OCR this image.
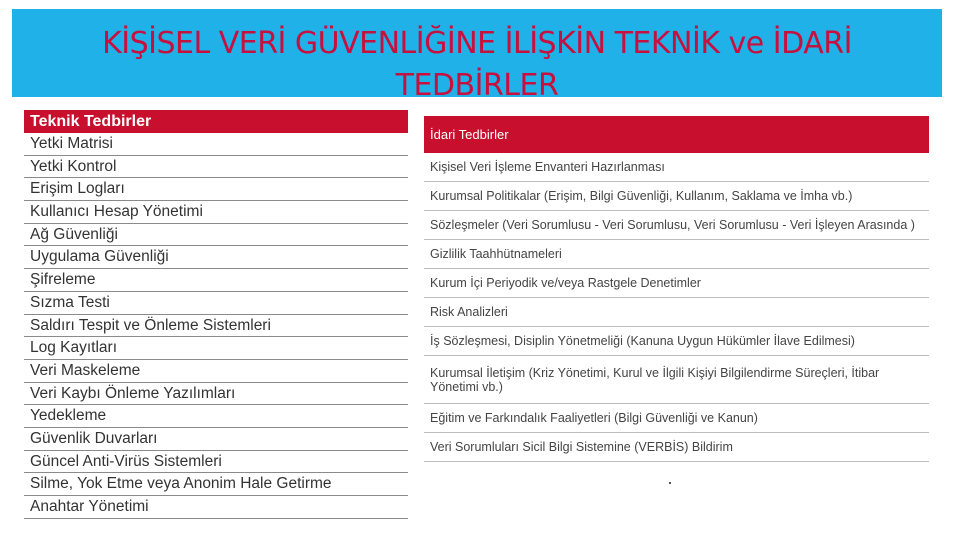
KİŞİSEL VERİ GÜVENLİĞİNE İLİŞKİN TEKNİK ve İDARİ
TEDBİRLER
Teknik Tedbirler
Yetki Matrisi
Yetki Kontrol
Erişim Logları
Kullanıcı Hesap Yönetimi
Ağ Güvenliği
Uygulama Güvenliği
Şifreleme
Sızma Testi
Saldırı Tespit ve Önleme Sistemleri
Log Kayıtları
Veri Maskeleme
Veri Kaybı Önleme Yazılımları
Yedekleme
Güvenlik Duvarları
Güncel Anti-Virüs Sistemleri
Silme, Yok Etme veya Anonim Hale Getirme
Anahtar Yönetimi
İdari Tedbirler
Kişisel Veri İşleme Envanteri Hazırlanması
Kurumsal Politikalar (Erişim, Bilgi Güvenliği, Kullanım, Saklama ve İmha vb.)
Sözleşmeler (Veri Sorumlusu - Veri Sorumlusu, Veri Sorumlusu - Veri İşleyen Arasında )
Gizlilik Taahhütnameleri
Kurum İçi Periyodik ve/veya Rastgele Denetimler
Risk Analizleri
İş Sözleşmesi, Disiplin Yönetmeliği (Kanuna Uygun Hükümler İlave Edilmesi)
Kurumsal İletişim (Kriz Yönetimi, Kurul ve İlgili Kişiyi Bilgilendirme Süreçleri, İtibar Yönetimi vb.)
Eğitim ve Farkındalık Faaliyetleri (Bilgi Güvenliği ve Kanun)
Veri Sorumluları Sicil Bilgi Sistemine (VERBİS) Bildirim
